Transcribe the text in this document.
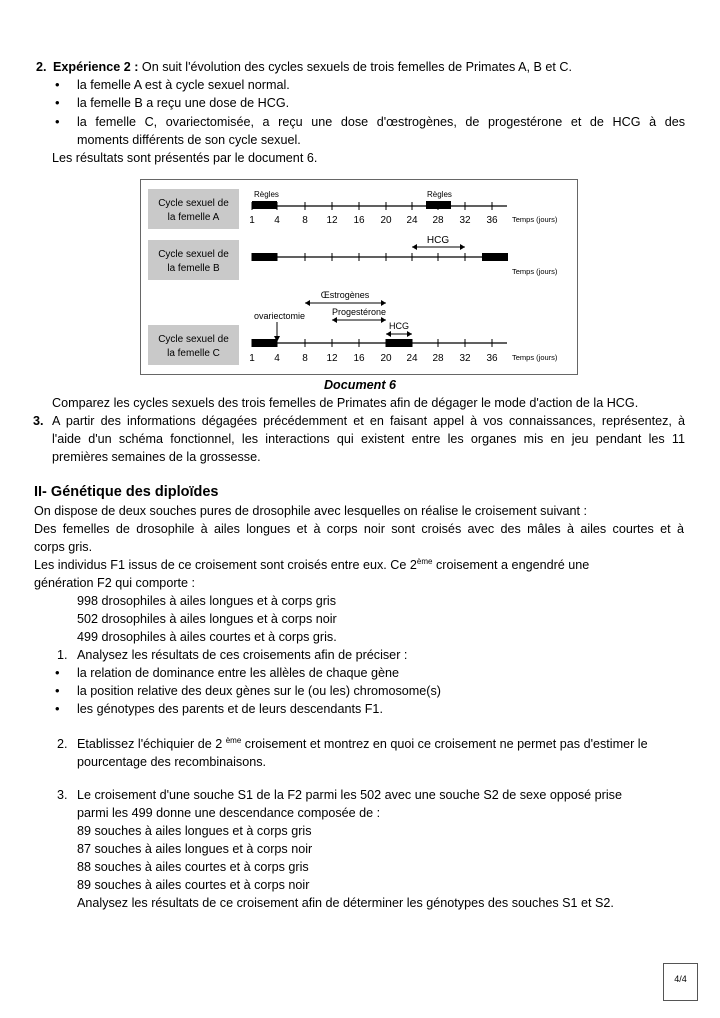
2. Expérience 2 : On suit l'évolution des cycles sexuels de trois femelles de Primates A, B et C.
• la femelle A est à cycle sexuel normal.
• la femelle B a reçu une dose de HCG.
• la femelle C, ovariectomisée, a reçu une dose d'œstrogènes, de progestérone et de HCG à des
moments différents de son cycle sexuel.
Les résultats sont présentés par le document 6.
Cycle sexuel de
la femelle A
Cycle sexuel de
la femelle B
Cycle sexuel de
la femelle C
Règles	Règles
1 4 8 12 16 20 24 28 32 36 Temps (jours)
HCG
Temps (jours)
Œstrogènes
Progestérone
HCG
ovariectomie
1 4 8 12 16 20 24 28 32 36 Temps (jours)
Document 6
Comparez les cycles sexuels des trois femelles de Primates afin de dégager le mode d'action de la HCG.
3. A partir des informations dégagées précédemment et en faisant appel à vos connaissances, représentez, à
l'aide d'un schéma fonctionnel, les interactions qui existent entre les organes mis en jeu pendant les 11
premières semaines de la grossesse.
II- Génétique des diploïdes
On dispose de deux souches pures de drosophile avec lesquelles on réalise le croisement suivant :
Des femelles de drosophile à ailes longues et à corps noir sont croisés avec des mâles à ailes courtes et à
corps gris.
Les individus F1 issus de ce croisement sont croisés entre eux. Ce 2ème croisement a engendré une
génération F2 qui comporte :
998 drosophiles à ailes longues et à corps gris
502 drosophiles à ailes longues et à corps noir
499 drosophiles à ailes courtes et à corps gris.
1. Analysez les résultats de ces croisements afin de préciser :
• la relation de dominance entre les allèles de chaque gène
• la position relative des deux gènes sur le (ou les) chromosome(s)
• les génotypes des parents et de leurs descendants F1.
2. Etablissez l'échiquier de 2 $^{ème}$ croisement et montrez en quoi ce croisement ne permet pas d'estimer le
pourcentage des recombinaisons.
3. Le croisement d'une souche S1 de la F2 parmi les 502 avec une souche S2 de sexe opposé prise
parmi les 499 donne une descendance composée de :
89 souches à ailes longues et à corps gris
87 souches à ailes longues et à corps noir
88 souches à ailes courtes et à corps gris
89 souches à ailes courtes et à corps noir
Analysez les résultats de ce croisement afin de déterminer les génotypes des souches S1 et S2.
4/4
